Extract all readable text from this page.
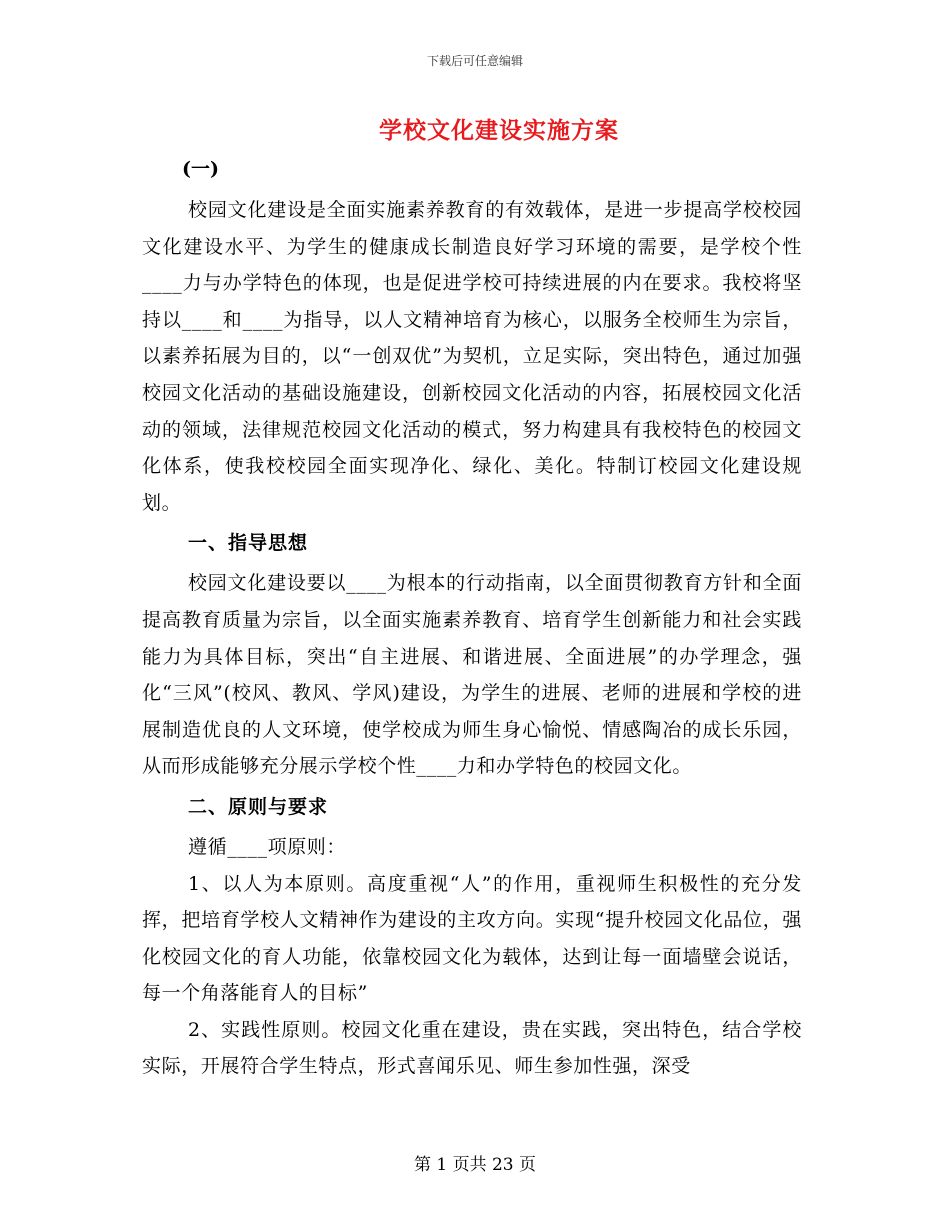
下载后可任意编辑
学校文化建设实施方案

(一)

校园文化建设是全面实施素养教育的有效载体，是进一步提高学校校园文化建设水平、为学生的健康成长制造良好学习环境的需要，是学校个性____力与办学特色的体现，也是促进学校可持续进展的内在要求。我校将坚持以____和____为指导，以人文精神培育为核心，以服务全校师生为宗旨，以素养拓展为目的，以“一创双优”为契机，立足实际，突出特色，通过加强校园文化活动的基础设施建设，创新校园文化活动的内容，拓展校园文化活动的领域，法律规范校园文化活动的模式，努力构建具有我校特色的校园文化体系，使我校校园全面实现净化、绿化、美化。特制订校园文化建设规划。

一、指导思想

校园文化建设要以____为根本的行动指南，以全面贯彻教育方针和全面提高教育质量为宗旨，以全面实施素养教育、培育学生创新能力和社会实践能力为具体目标，突出“自主进展、和谐进展、全面进展”的办学理念，强化“三风”(校风、教风、学风)建设，为学生的进展、老师的进展和学校的进展制造优良的人文环境，使学校成为师生身心愉悦、情感陶冶的成长乐园，从而形成能够充分展示学校个性____力和办学特色的校园文化。

二、原则与要求

遵循____项原则：

1、以人为本原则。高度重视“人”的作用，重视师生积极性的充分发挥，把培育学校人文精神作为建设的主攻方向。实现“提升校园文化品位，强化校园文化的育人功能，依靠校园文化为载体，达到让每一面墙壁会说话，每一个角落能育人的目标”

2、实践性原则。校园文化重在建设，贵在实践，突出特色，结合学校实际，开展符合学生特点，形式喜闻乐见、师生参加性强，深受

第 1 页共 23 页
